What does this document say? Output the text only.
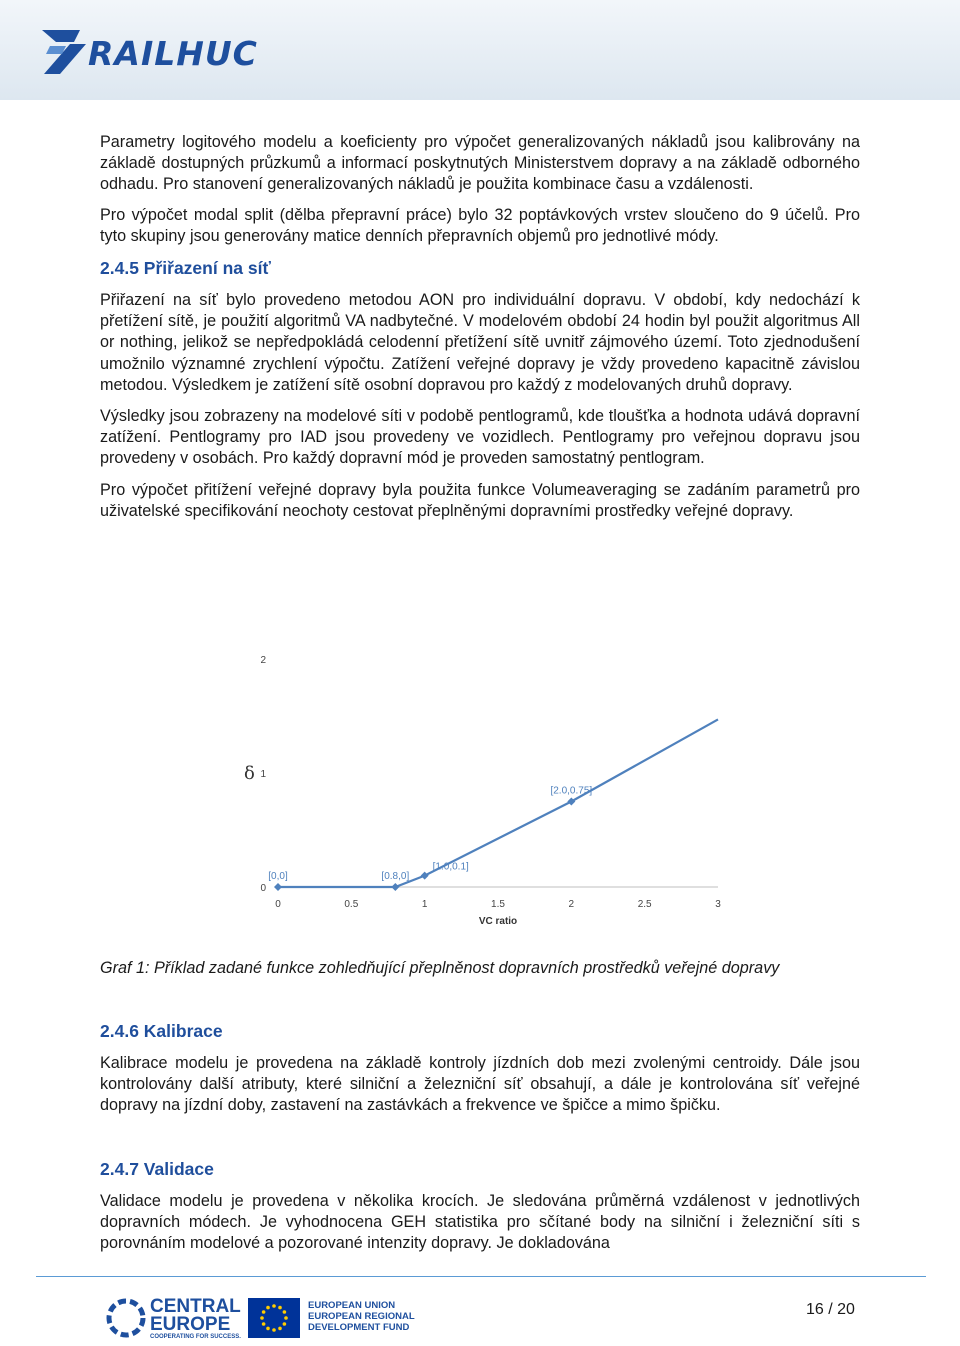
RAILHUC

Parametry logitového modelu a koeficienty pro výpočet generalizovaných nákladů jsou kalibrovány na základě dostupných průzkumů a informací poskytnutých Ministerstvem dopravy a na základě odborného odhadu. Pro stanovení generalizovaných nákladů je použita kombinace času a vzdálenosti.

Pro výpočet modal split (dělba přepravní práce) bylo 32 poptávkových vrstev sloučeno do 9 účelů. Pro tyto skupiny jsou generovány matice denních přepravních objemů pro jednotlivé módy.

2.4.5 Přiřazení na síť

Přiřazení na síť bylo provedeno metodou AON pro individuální dopravu. V období, kdy nedochází k přetížení sítě, je použití algoritmů VA nadbytečné. V modelovém období 24 hodin byl použit algoritmus All or nothing, jelikož se nepředpokládá celodenní přetížení sítě uvnitř zájmového území. Toto zjednodušení umožnilo významné zrychlení výpočtu. Zatížení veřejné dopravy je vždy provedeno kapacitně závislou metodou. Výsledkem je zatížení sítě osobní dopravou pro každý z modelovaných druhů dopravy.

Výsledky jsou zobrazeny na modelové síti v podobě pentlogramů, kde tloušťka a hodnota udává dopravní zatížení. Pentlogramy pro IAD jsou provedeny ve vozidlech. Pentlogramy pro veřejnou dopravu jsou provedeny v osobách. Pro každý dopravní mód je proveden samostatný pentlogram.

Pro výpočet přitížení veřejné dopravy byla použita funkce Volumeaveraging se zadáním parametrů pro uživatelské specifikování neochoty cestovat přeplněnými dopravními prostředky veřejné dopravy.

0	0.5	1	1.5	2	2.5	3
0
1
2
VC ratio
δ
[0,0]	[0.8,0]
[1.0,0.1]
[2.0,0.75]
Graf 1: Příklad zadané funkce zohledňující přeplněnost dopravních prostředků veřejné dopravy
2.4.6 Kalibrace

Kalibrace modelu je provedena na základě kontroly jízdních dob mezi zvolenými centroidy. Dále jsou kontrolovány další atributy, které silniční a železniční síť obsahují, a dále je kontrolována síť veřejné dopravy na jízdní doby, zastavení na zastávkách a frekvence ve špičce a mimo špičku.

2.4.7 Validace

Validace modelu je provedena v několika krocích. Je sledována průměrná vzdálenost v jednotlivých dopravních módech. Je vyhodnocena GEH statistika pro sčítané body na silniční i železniční síti s porovnáním modelové a pozorované intenzity dopravy. Je dokladována

CENTRAL
EUROPE
COOPERATING FOR SUCCESS.
EUROPEAN UNION
EUROPEAN REGIONAL
DEVELOPMENT FUND
16 / 20
